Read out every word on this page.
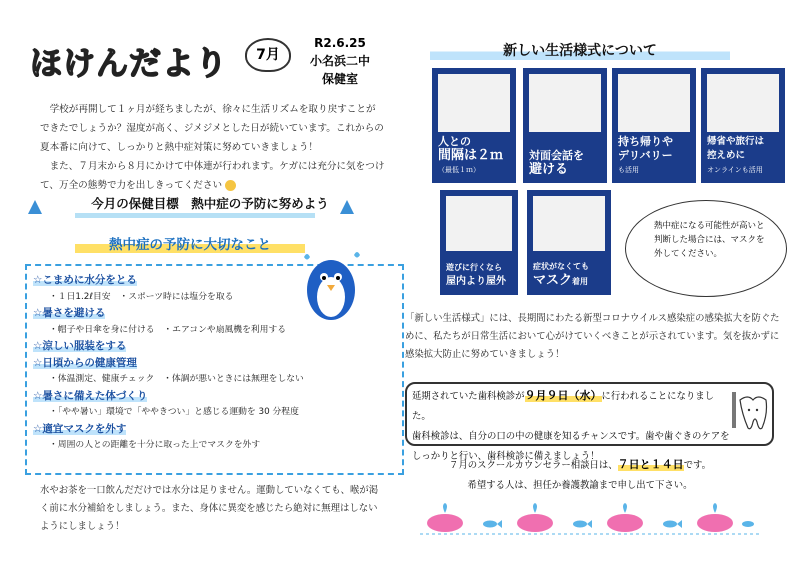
ほけんだより	7月
R2.6.25
小名浜二中
保健室

学校が再開して１ヶ月が経ちましたが、徐々に生活リズムを取り戻すことができたでしょうか？湿度が高く、ジメジメとした日が続いています。これからの夏本番に向けて、しっかりと熱中症対策に努めていきましょう！

また、７月末から８月にかけて中体連が行われます。ケガには充分に気をつけて、万全の態勢で力を出しきってください

今月の保健目標　熱中症の予防に努めよう
熱中症の予防に大切なこと
☆こまめに水分をとる
・１日1.2ℓ目安　・スポーツ時には塩分を取る
☆暑さを避ける
・帽子や日傘を身に付ける　・エアコンや扇風機を利用する
☆涼しい服装をする
☆日頃からの健康管理
・体温測定、健康チェック　・体調が悪いときには無理をしない
☆暑さに備えた体づくり
・「やや暑い」環境で「ややきつい」と感じる運動を 30 分程度
☆適宜マスクを外す
・周囲の人との距離を十分に取った上でマスクを外す
水やお茶を一口飲んだだけでは水分は足りません。運動していなくても、喉が渇く前に水分補給をしましょう。また、身体に異変を感じたら絶対に無理はしないようにしましょう！
新しい生活様式について
人との
間隔は２ｍ
（最低１ｍ）
対面会話を
避ける
持ち帰りや
デリバリー
も活用
帰省や旅行は
控えめに
オンラインも活用
遊びに行くなら
屋内より屋外
症状がなくても
マスク着用
熱中症になる可能性が高いと判断した場合には、マスクを外してください。
「新しい生活様式」には、長期間にわたる新型コロナウイルス感染症の感染拡大を防ぐために、私たちが日常生活において心がけていくべきことが示されています。気を抜かずに感染拡大防止に努めていきましょう！
延期されていた歯科検診が９月９日（水）に行われることになりました。
歯科検診は、自分の口の中の健康を知るチャンスです。歯や歯ぐきのケアをしっかりと行い、歯科検診に備えましょう！
７月のスクールカウンセラー相談日は、７日と１４日です。
希望する人は、担任か養護教諭まで申し出て下さい。
